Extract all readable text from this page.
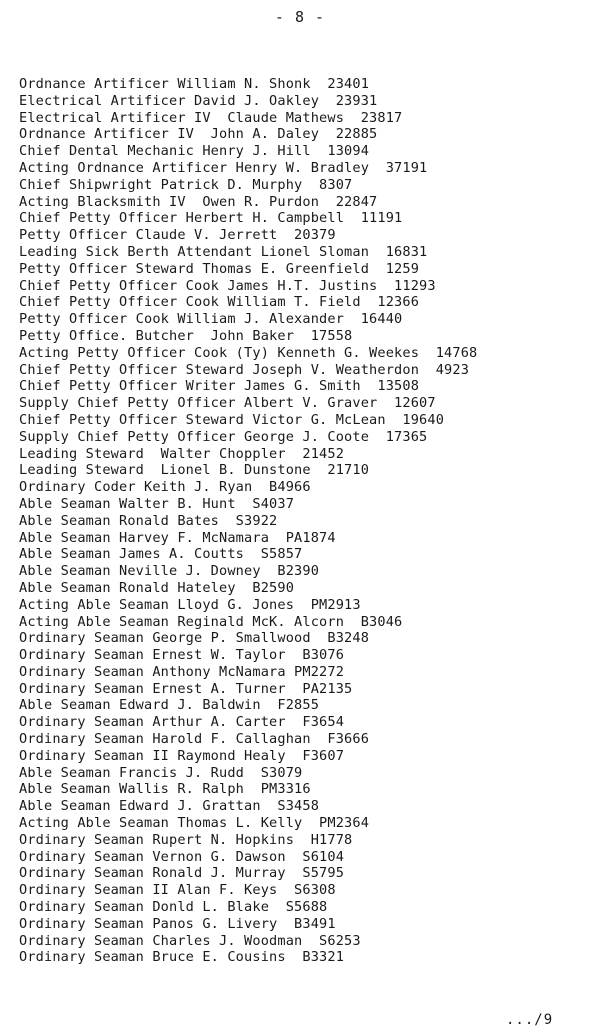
- 8 -
Ordnance Artificer William N. Shonk  23401
Electrical Artificer David J. Oakley  23931
Electrical Artificer IV  Claude Mathews  23817
Ordnance Artificer IV  John A. Daley  22885
Chief Dental Mechanic Henry J. Hill  13094
Acting Ordnance Artificer Henry W. Bradley  37191
Chief Shipwright Patrick D. Murphy  8307
Acting Blacksmith IV  Owen R. Purdon  22847
Chief Petty Officer Herbert H. Campbell  11191
Petty Officer Claude V. Jerrett  20379
Leading Sick Berth Attendant Lionel Sloman  16831
Petty Officer Steward Thomas E. Greenfield  1259
Chief Petty Officer Cook James H.T. Justins  11293
Chief Petty Officer Cook William T. Field  12366
Petty Officer Cook William J. Alexander  16440
Petty Office. Butcher  John Baker  17558
Acting Petty Officer Cook (Ty) Kenneth G. Weekes  14768
Chief Petty Officer Steward Joseph V. Weatherdon  4923
Chief Petty Officer Writer James G. Smith  13508
Supply Chief Petty Officer Albert V. Graver  12607
Chief Petty Officer Steward Victor G. McLean  19640
Supply Chief Petty Officer George J. Coote  17365
Leading Steward  Walter Choppler  21452
Leading Steward  Lionel B. Dunstone  21710
Ordinary Coder Keith J. Ryan  B4966
Able Seaman Walter B. Hunt  S4037
Able Seaman Ronald Bates  S3922
Able Seaman Harvey F. McNamara  PA1874
Able Seaman James A. Coutts  S5857
Able Seaman Neville J. Downey  B2390
Able Seaman Ronald Hateley  B2590
Acting Able Seaman Lloyd G. Jones  PM2913
Acting Able Seaman Reginald McK. Alcorn  B3046
Ordinary Seaman George P. Smallwood  B3248
Ordinary Seaman Ernest W. Taylor  B3076
Ordinary Seaman Anthony McNamara PM2272
Ordinary Seaman Ernest A. Turner  PA2135
Able Seaman Edward J. Baldwin  F2855
Ordinary Seaman Arthur A. Carter  F3654
Ordinary Seaman Harold F. Callaghan  F3666
Ordinary Seaman II Raymond Healy  F3607
Able Seaman Francis J. Rudd  S3079
Able Seaman Wallis R. Ralph  PM3316
Able Seaman Edward J. Grattan  S3458
Acting Able Seaman Thomas L. Kelly  PM2364
Ordinary Seaman Rupert N. Hopkins  H1778
Ordinary Seaman Vernon G. Dawson  S6104
Ordinary Seaman Ronald J. Murray  S5795
Ordinary Seaman II Alan F. Keys  S6308
Ordinary Seaman Donld L. Blake  S5688
Ordinary Seaman Panos G. Livery  B3491
Ordinary Seaman Charles J. Woodman  S6253
Ordinary Seaman Bruce E. Cousins  B3321
.../9
